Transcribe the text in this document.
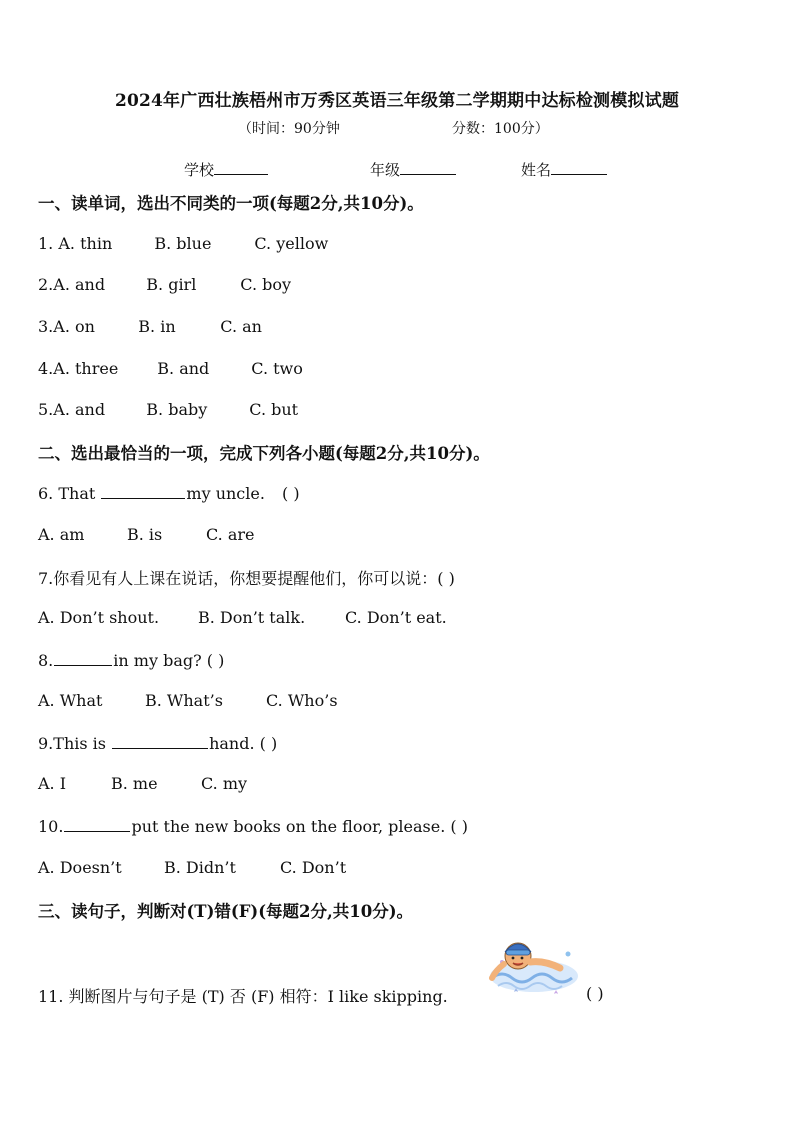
2024年广西壮族梧州市万秀区英语三年级第二学期期中达标检测模拟试题
（时间：90分钟	分数：100分）
学校	年级	姓名
一、读单词，选出不同类的一项(每题2分,共10分)。
1. A. thin	B. blue	C. yellow
2.A. and	B. girl	C. boy
3.A. on	B. in	C. an
4.A. three B. and	C. two
5.A. and	B. baby	C. but
二、选出最恰当的一项，完成下列各小题(每题2分,共10分)。
6. That	my uncle. ( )
A. am	B. is	C. are
7.你看见有人上课在说话，你想要提醒他们，你可以说：( )
A. Don’t shout. B. Don’t talk. C. Don’t eat.
8.	in my bag? ( )
A. What	B. What’s	C. Who’s
9.This is	hand. ( )
A. I	B. me	C. my
10.	put the new books on the floor, please. ( )
A. Doesn’t	B. Didn’t	C. Don’t
三、读句子，判断对(T)错(F)(每题2分,共10分)。
11. 判断图片与句子是 (T) 否 (F) 相符：I like skipping.	( )
